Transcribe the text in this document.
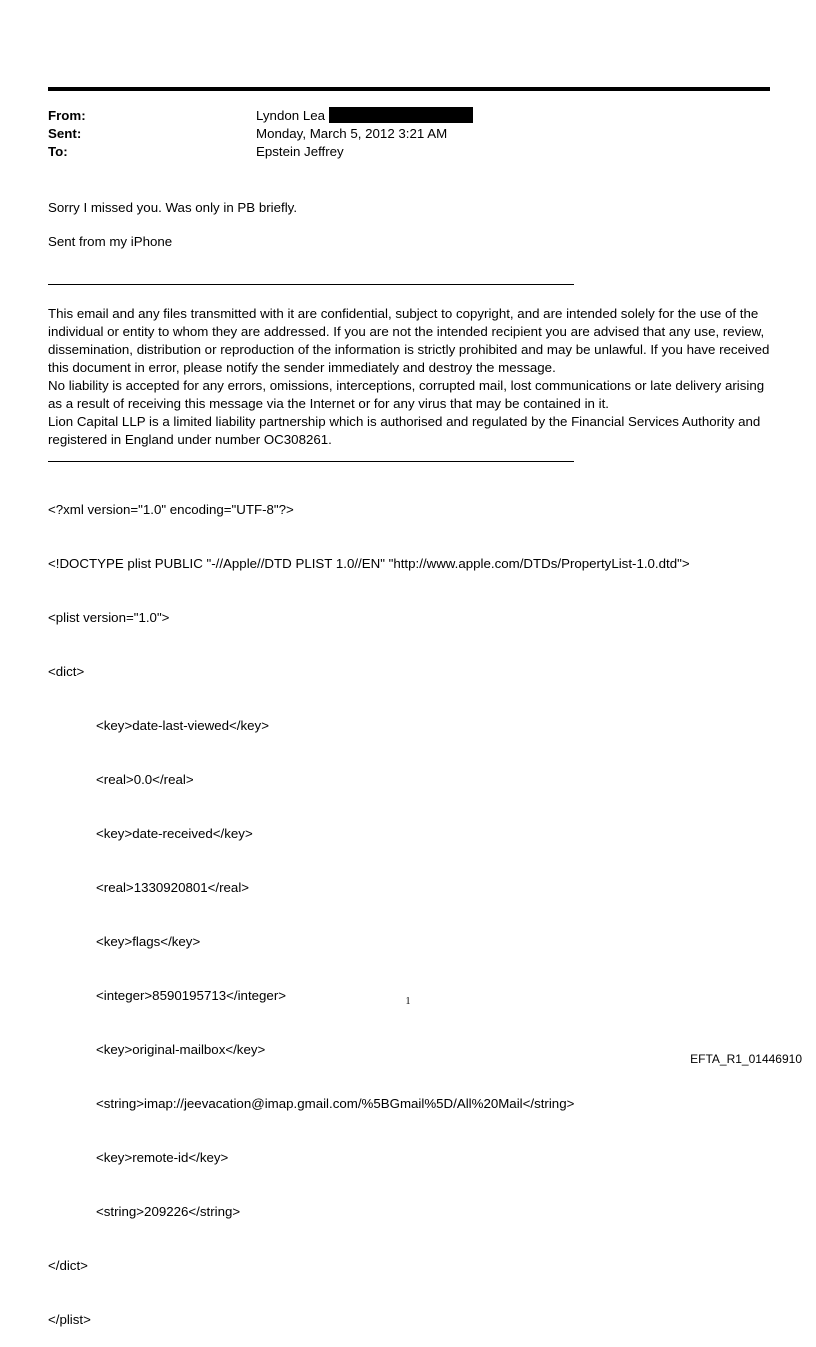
From:	Lyndon Lea
Sent:	Monday, March 5, 2012 3:21 AM
To:	Epstein Jeffrey
Sorry I missed you. Was only in PB briefly.
Sent from my iPhone

This email and any files transmitted with it are confidential, subject to copyright, and are intended solely for the use of the individual or entity to whom they are addressed. If you are not the intended recipient you are advised that any use, review, dissemination, distribution or reproduction of the information is strictly prohibited and may be unlawful. If you have received this document in error, please notify the sender immediately and destroy the message.

No liability is accepted for any errors, omissions, interceptions, corrupted mail, lost communications or late delivery arising as a result of receiving this message via the Internet or for any virus that may be contained in it.

Lion Capital LLP is a limited liability partnership which is authorised and regulated by the Financial Services Authority and registered in England under number OC308261.

<?xml version="1.0" encoding="UTF-8"?>

<!DOCTYPE plist PUBLIC "-//Apple//DTD PLIST 1.0//EN" "http://www.apple.com/DTDs/PropertyList-1.0.dtd">

<plist version="1.0">

<dict>

<key>date-last-viewed</key>

<real>0.0</real>

<key>date-received</key>

<real>1330920801</real>

<key>flags</key>

<integer>8590195713</integer>

<key>original-mailbox</key>

<string>imap://jeevacation@imap.gmail.com/%5BGmail%5D/All%20Mail</string>

<key>remote-id</key>

<string>209226</string>

</dict>

</plist>

1
EFTA_R1_01446910
